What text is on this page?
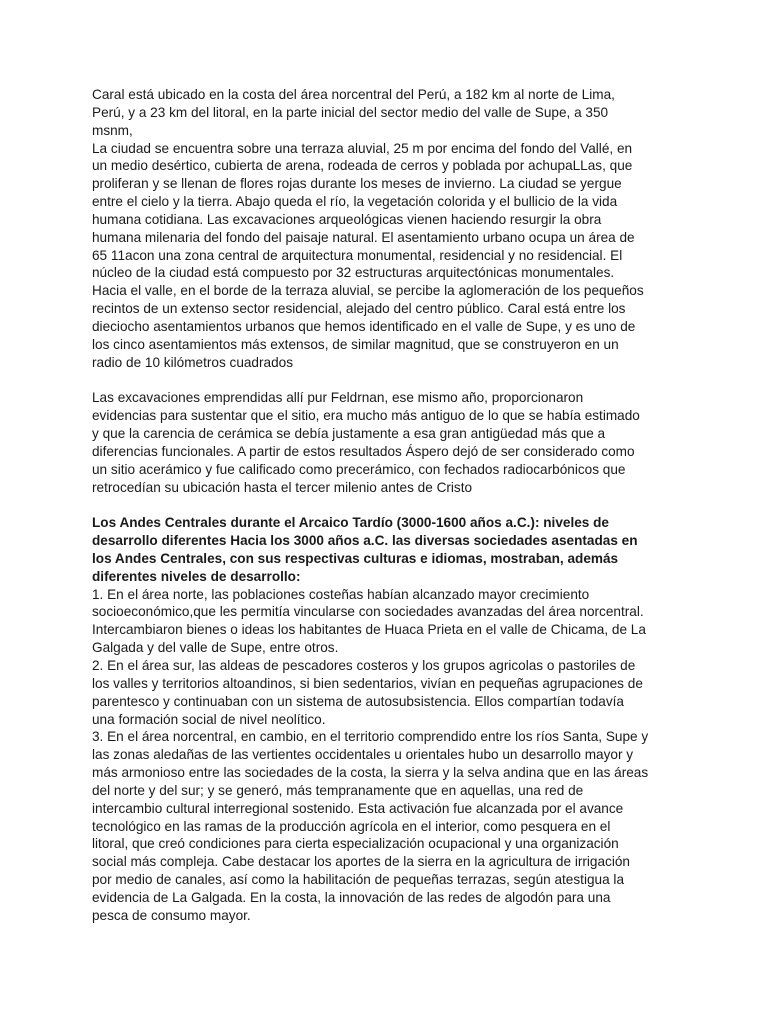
Caral está ubicado en la costa del área norcentral del Perú, a 182 km al norte de Lima,
Perú, y a 23 km del litoral, en la parte inicial del sector medio del valle de Supe, a 350
msnm,

La ciudad se encuentra sobre una terraza aluvial, 25 m por encima del fondo del Vallé, en
un medio desértico, cubierta de arena, rodeada de cerros y poblada por achupaLLas, que
proliferan y se llenan de flores rojas durante los meses de invierno. La ciudad se yergue
entre el cielo y la tierra. Abajo queda el río, la vegetación colorida y el bullicio de la vida
humana cotidiana. Las excavaciones arqueológicas vienen haciendo resurgir la obra
humana milenaria del fondo del paisaje natural. El asentamiento urbano ocupa un área de
65 11acon una zona central de arquitectura monumental, residencial y no residencial. El
núcleo de la ciudad está compuesto por 32 estructuras arquitectónicas monumentales.
Hacia el valle, en el borde de la terraza aluvial, se percibe la aglomeración de los pequeños
recintos de un extenso sector residencial, alejado del centro público. Caral está entre los
dieciocho asentamientos urbanos que hemos identificado en el valle de Supe, y es uno de
los cinco asentamientos más extensos, de similar magnitud, que se construyeron en un
radio de 10 kilómetros cuadrados

Las excavaciones emprendidas allí pur Feldrnan, ese mismo año, proporcionaron
evidencias para sustentar que el sitio, era mucho más antiguo de lo que se había estimado
y que la carencia de cerámica se debía justamente a esa gran antigüedad más que a
diferencias funcionales. A partir de estos resultados Áspero dejó de ser considerado como
un sitio acerámico y fue calificado como precerámico, con fechados radiocarbónicos que
retrocedían su ubicación hasta el tercer milenio antes de Cristo

Los Andes Centrales durante el Arcaico Tardío (3000-1600 años a.C.): niveles de
desarrollo diferentes Hacia los 3000 años a.C. las diversas sociedades asentadas en
los Andes Centrales, con sus respectivas culturas e idiomas, mostraban, además
diferentes niveles de desarrollo:

1. En el área norte, las poblaciones costeñas habían alcanzado mayor crecimiento
socioeconómico,que les permitía vincularse con sociedades avanzadas del área norcentral.
Intercambiaron bienes o ideas los habitantes de Huaca Prieta en el valle de Chicama, de La
Galgada y del valle de Supe, entre otros.

2. En el área sur, las aldeas de pescadores costeros y los grupos agricolas o pastoriles de
los valles y territorios altoandinos, si bien sedentarios, vivían en pequeñas agrupaciones de
parentesco y continuaban con un sistema de autosubsistencia. Ellos compartían todavía
una formación social de nivel neolítico.

3. En el área norcentral, en cambio, en el territorio comprendido entre los ríos Santa, Supe y
las zonas aledañas de las vertientes occidentales u orientales hubo un desarrollo mayor y
más armonioso entre las sociedades de la costa, la sierra y la selva andina que en las áreas
del norte y del sur; y se generó, más tempranamente que en aquellas, una red de
intercambio cultural interregional sostenido. Esta activación fue alcanzada por el avance
tecnológico en las ramas de la producción agrícola en el interior, como pesquera en el
litoral, que creó condiciones para cierta especialización ocupacional y una organización
social más compleja. Cabe destacar los aportes de la sierra en la agricultura de irrigación
por medio de canales, así como la habilitación de pequeñas terrazas, según atestigua la
evidencia de La Galgada. En la costa, la innovación de las redes de algodón para una
pesca de consumo mayor.
